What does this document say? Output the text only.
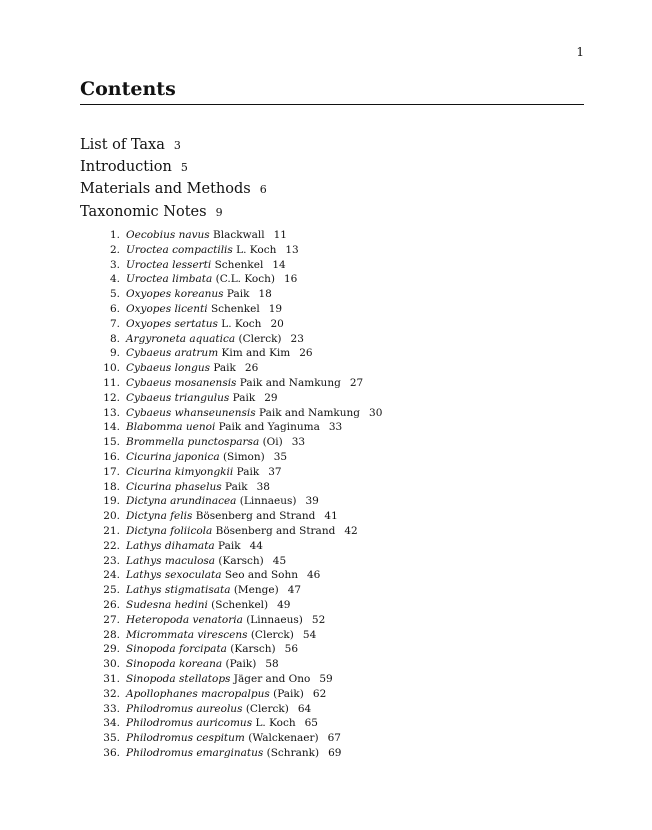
1
Contents
List of Taxa 3
Introduction 5
Materials and Methods 6
Taxonomic Notes 9
1. Oecobius navus Blackwall 11
2. Uroctea compactilis L. Koch 13
3. Uroctea lesserti Schenkel 14
4. Uroctea limbata (C.L. Koch) 16
5. Oxyopes koreanus Paik 18
6. Oxyopes licenti Schenkel 19
7. Oxyopes sertatus L. Koch 20
8. Argyroneta aquatica (Clerck) 23
9. Cybaeus aratrum Kim and Kim 26
10. Cybaeus longus Paik 26
11. Cybaeus mosanensis Paik and Namkung 27
12. Cybaeus triangulus Paik 29
13. Cybaeus whanseunensis Paik and Namkung 30
14. Blabomma uenoi Paik and Yaginuma 33
15. Brommella punctosparsa (Oi) 33
16. Cicurina japonica (Simon) 35
17. Cicurina kimyongkii Paik 37
18. Cicurina phaselus Paik 38
19. Dictyna arundinacea (Linnaeus) 39
20. Dictyna felis Bösenberg and Strand 41
21. Dictyna foliicola Bösenberg and Strand 42
22. Lathys dihamata Paik 44
23. Lathys maculosa (Karsch) 45
24. Lathys sexoculata Seo and Sohn 46
25. Lathys stigmatisata (Menge) 47
26. Sudesna hedini (Schenkel) 49
27. Heteropoda venatoria (Linnaeus) 52
28. Micrommata virescens (Clerck) 54
29. Sinopoda forcipata (Karsch) 56
30. Sinopoda koreana (Paik) 58
31. Sinopoda stellatops Jäger and Ono 59
32. Apollophanes macropalpus (Paik) 62
33. Philodromus aureolus (Clerck) 64
34. Philodromus auricomus L. Koch 65
35. Philodromus cespitum (Walckenaer) 67
36. Philodromus emarginatus (Schrank) 69
